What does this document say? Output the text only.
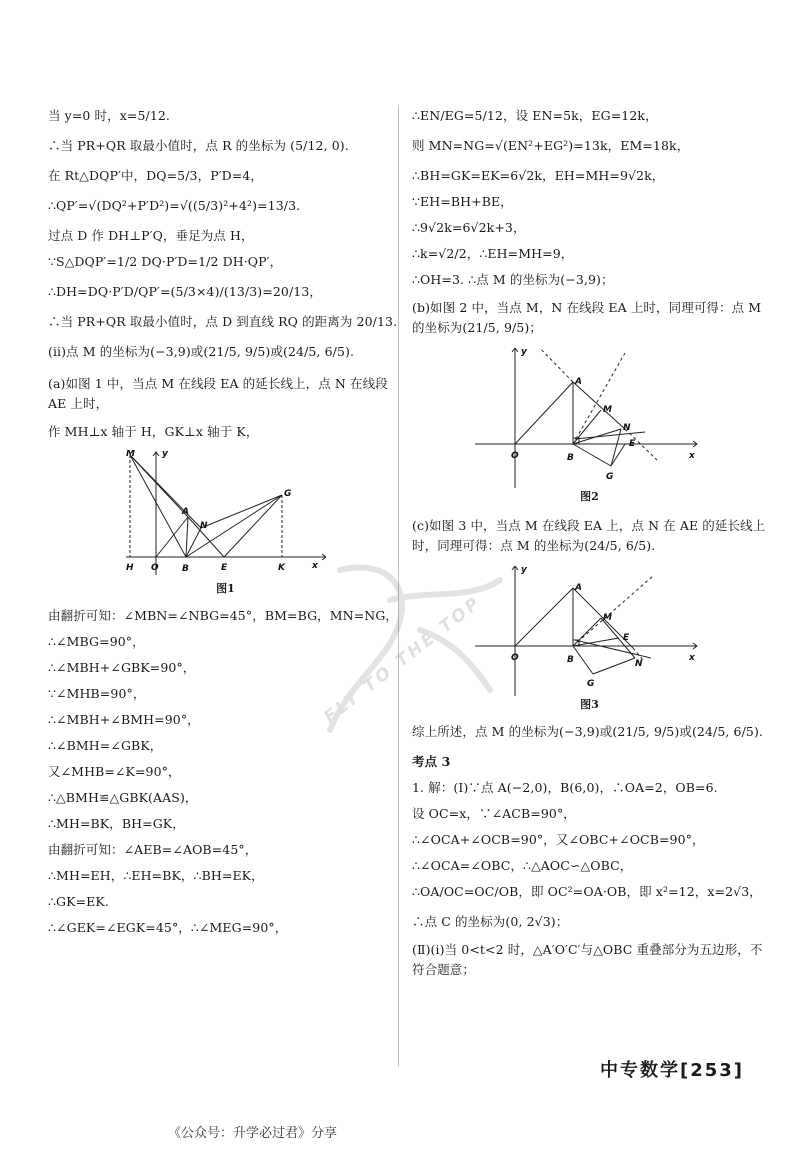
当 y=0 时，x=5/12.

∴当 PR+QR 取最小值时，点 R 的坐标为 (5/12, 0).

在 Rt△DQP′中，DQ=5/3，P′D=4，

∴QP′=√(DQ²+P′D²)=√((5/3)²+4²)=13/3.

过点 D 作 DH⊥P′Q，垂足为点 H，

∵S△DQP′=1/2 DQ·P′D=1/2 DH·QP′，

∴DH=DQ·P′D/QP′=(5/3×4)/(13/3)=20/13，

∴当 PR+QR 取最小值时，点 D 到直线 RQ 的距离为 20/13.

(ⅱ)点 M 的坐标为(−3,9)或(21/5, 9/5)或(24/5, 6/5).

(a)如图 1 中，当点 M 在线段 EA 的延长线上，点 N 在线段 AE 上时，

作 MH⊥x 轴于 H，GK⊥x 轴于 K，

M	y
A
N
G
H O	B	E	K	x

图1

由翻折可知：∠MBN=∠NBG=45°，BM=BG，MN=NG，

∴∠MBG=90°，

∴∠MBH+∠GBK=90°，

∵∠MHB=90°，

∴∠MBH+∠BMH=90°，

∴∠BMH=∠GBK，

又∠MHB=∠K=90°，

∴△BMH≌△GBK(AAS)，

∴MH=BK，BH=GK，

由翻折可知：∠AEB=∠AOB=45°，

∴MH=EH，∴EH=BK，∴BH=EK，

∴GK=EK.

∴∠GEK=∠EGK=45°，∴∠MEG=90°，

∴EN/EG=5/12，设 EN=5k，EG=12k，

则 MN=NG=√(EN²+EG²)=13k，EM=18k，

∴BH=GK=EK=6√2k，EH=MH=9√2k，

∵EH=BH+BE，

∴9√2k=6√2k+3，

∴k=√2/2，∴EH=MH=9，

∴OH=3. ∴点 M 的坐标为(−3,9)；

(b)如图 2 中，当点 M，N 在线段 EA 上时，同理可得：点 M 的坐标为(21/5, 9/5)；

y
A
M
N
E
O	B
G
x

图2

(c)如图 3 中，当点 M 在线段 EA 上，点 N 在 AE 的延长线上时，同理可得：点 M 的坐标为(24/5, 6/5).

y
A
M
E
N
O	B
G
x

图3

综上所述，点 M 的坐标为(−3,9)或(21/5, 9/5)或(24/5, 6/5).

考点 3

1. 解：(Ⅰ)∵点 A(−2,0)，B(6,0)，∴OA=2，OB=6.

设 OC=x，∵∠ACB=90°，

∴∠OCA+∠OCB=90°，又∠OBC+∠OCB=90°，

∴∠OCA=∠OBC，∴△AOC∽△OBC，

∴OA/OC=OC/OB，即 OC²=OA·OB，即 x²=12，x=2√3，

∴点 C 的坐标为(0, 2√3)；

(Ⅱ)(ⅰ)当 0<t<2 时，△A′O′C′与△OBC 重叠部分为五边形，不符合题意；

FLY TO THE TOP
中专数学[253]
《公众号：升学必过君》分享
